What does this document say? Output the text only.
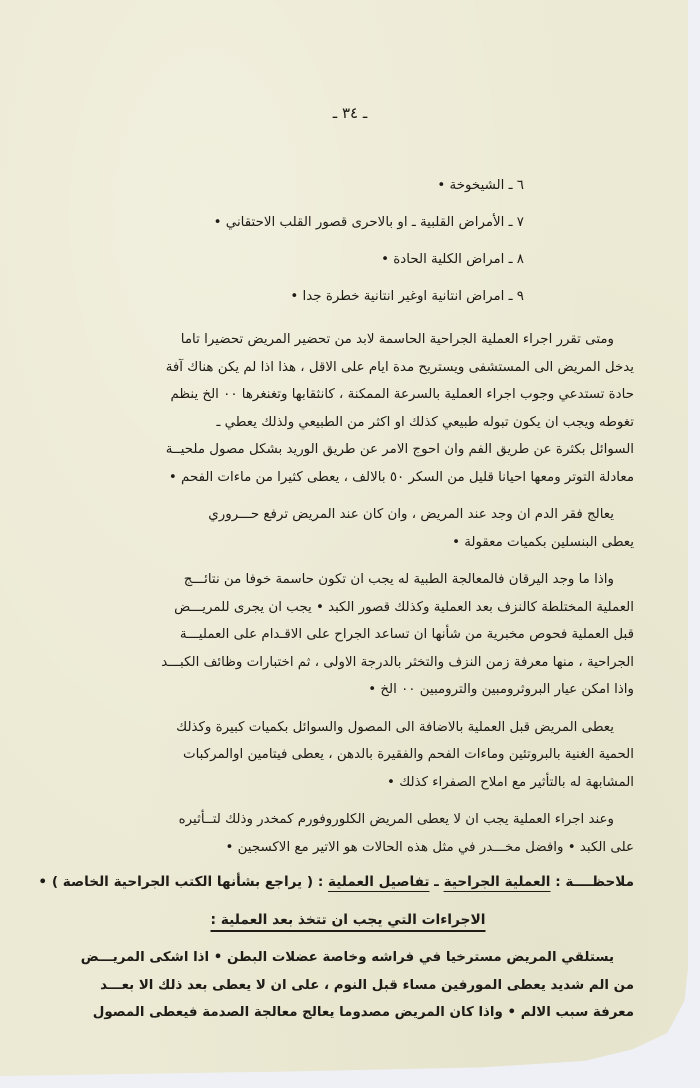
ـ ٣٤ ـ
٦ ـ الشيخوخة •
٧ ـ الأمراض القلبية ـ او بالاحرى قصور القلب الاحتقاني •
٨ ـ امراض الكلية الحادة •
٩ ـ امراض انتانية اوغير انتانية خطرة جدا •
ومتى تقرر اجراء العملية الجراحية الحاسمة لابد من تحضير المريض تحضيرا تاما
يدخل المريض الى المستشفى ويستريح مدة ايام على الاقل ، هذا اذا لم يكن هناك آفة
حادة تستدعي وجوب اجراء العملية بالسرعة الممكنة ، كانثقابها وتغنغرها ٠٠ الخ ينظم
تغوطه ويجب ان يكون تبوله طبيعي كذلك او اكثر من الطبيعي ولذلك يعطي ـ
السوائل بكثرة عن طريق الفم وان احوج الامر عن طريق الوريد بشكل مصول ملحيــة
معادلة التوتر ومعها احيانا قليل من السكر ٥٠ بالالف ، يعطى كثيرا من ماءات الفحم •
يعالج فقر الدم ان وجد عند المريض ، وان كان عند المريض ترفع حـــروري
يعطى البنسلين بكميات معقولة •
واذا ما وجد اليرقان فالمعالجة الطبية له يجب ان تكون حاسمة خوفا من نتائـــج
العملية المختلطة كالنزف بعد العملية وكذلك قصور الكبد • يجب ان يجرى للمريـــض
قبل العملية فحوص مخبرية من شأنها ان تساعد الجراح على الاقـدام على العمليـــة
الجراحية ، منها معرفة زمن النزف والتخثر بالدرجة الاولى ، ثم اختبارات وظائف الكبـــد
واذا امكن عيار البروثرومبين والترومبين ٠٠ الخ •
يعطى المريض قبل العملية بالاضافة الى المصول والسوائل بكميات كبيرة وكذلك
الحمية الغنية بالبروتئين وماءات الفحم والفقيرة بالدهن ، يعطى فيتامين اوالمركبات
المشابهة له بالتأثير مع املاح الصفراء كذلك •
وعند اجراء العملية يجب ان لا يعطى المريض الكلوروفورم كمخدر وذلك لتــأثيره
على الكبد • وافضل مخـــدر في مثل هذه الحالات هو الاتير مع الاكسجين •
ملاحظــــة : العملية الجراحية ـ تفاصيل العملية : ( يراجع بشأنها الكتب الجراحية الخاصة ) •
الاجراءات التي يجب ان تتخذ بعد العملية :
يستلقي المريض مسترخيا في فراشه وخاصة عضلات البطن • اذا اشكى المريـــض
من الم شديد يعطى المورفين مساء قبل النوم ، على ان لا يعطى بعد ذلك الا بعـــد
معرفة سبب الالم • واذا كان المريض مصدوما يعالج معالجة الصدمة فيعطى المصول
